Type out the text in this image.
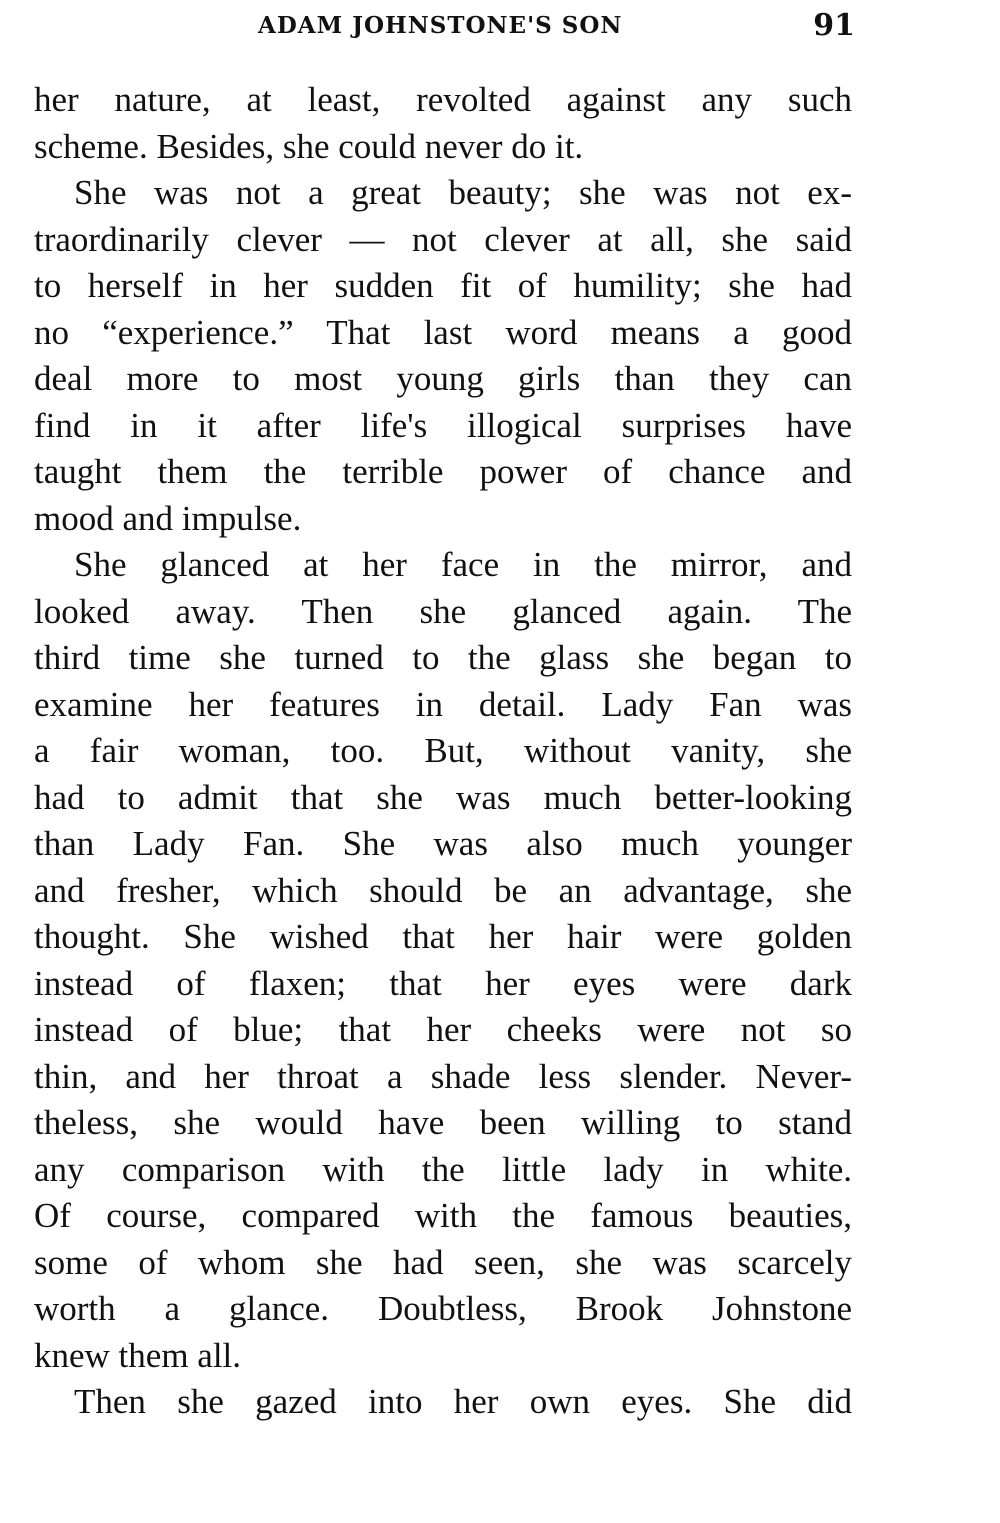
ADAM JOHNSTONE'S SON	91
her nature, at least, revolted against any such
scheme. Besides, she could never do it.
She was not a great beauty; she was not ex-
traordinarily clever — not clever at all, she said
to herself in her sudden fit of humility; she had
no “experience.” That last word means a good
deal more to most young girls than they can
find in it after life's illogical surprises have
taught them the terrible power of chance and
mood and impulse.
She glanced at her face in the mirror, and
looked away. Then she glanced again. The
third time she turned to the glass she began to
examine her features in detail. Lady Fan was
a fair woman, too. But, without vanity, she
had to admit that she was much better-looking
than Lady Fan. She was also much younger
and fresher, which should be an advantage, she
thought. She wished that her hair were golden
instead of flaxen; that her eyes were dark
instead of blue; that her cheeks were not so
thin, and her throat a shade less slender. Never-
theless, she would have been willing to stand
any comparison with the little lady in white.
Of course, compared with the famous beauties,
some of whom she had seen, she was scarcely
worth a glance. Doubtless, Brook Johnstone
knew them all.
Then she gazed into her own eyes. She did
